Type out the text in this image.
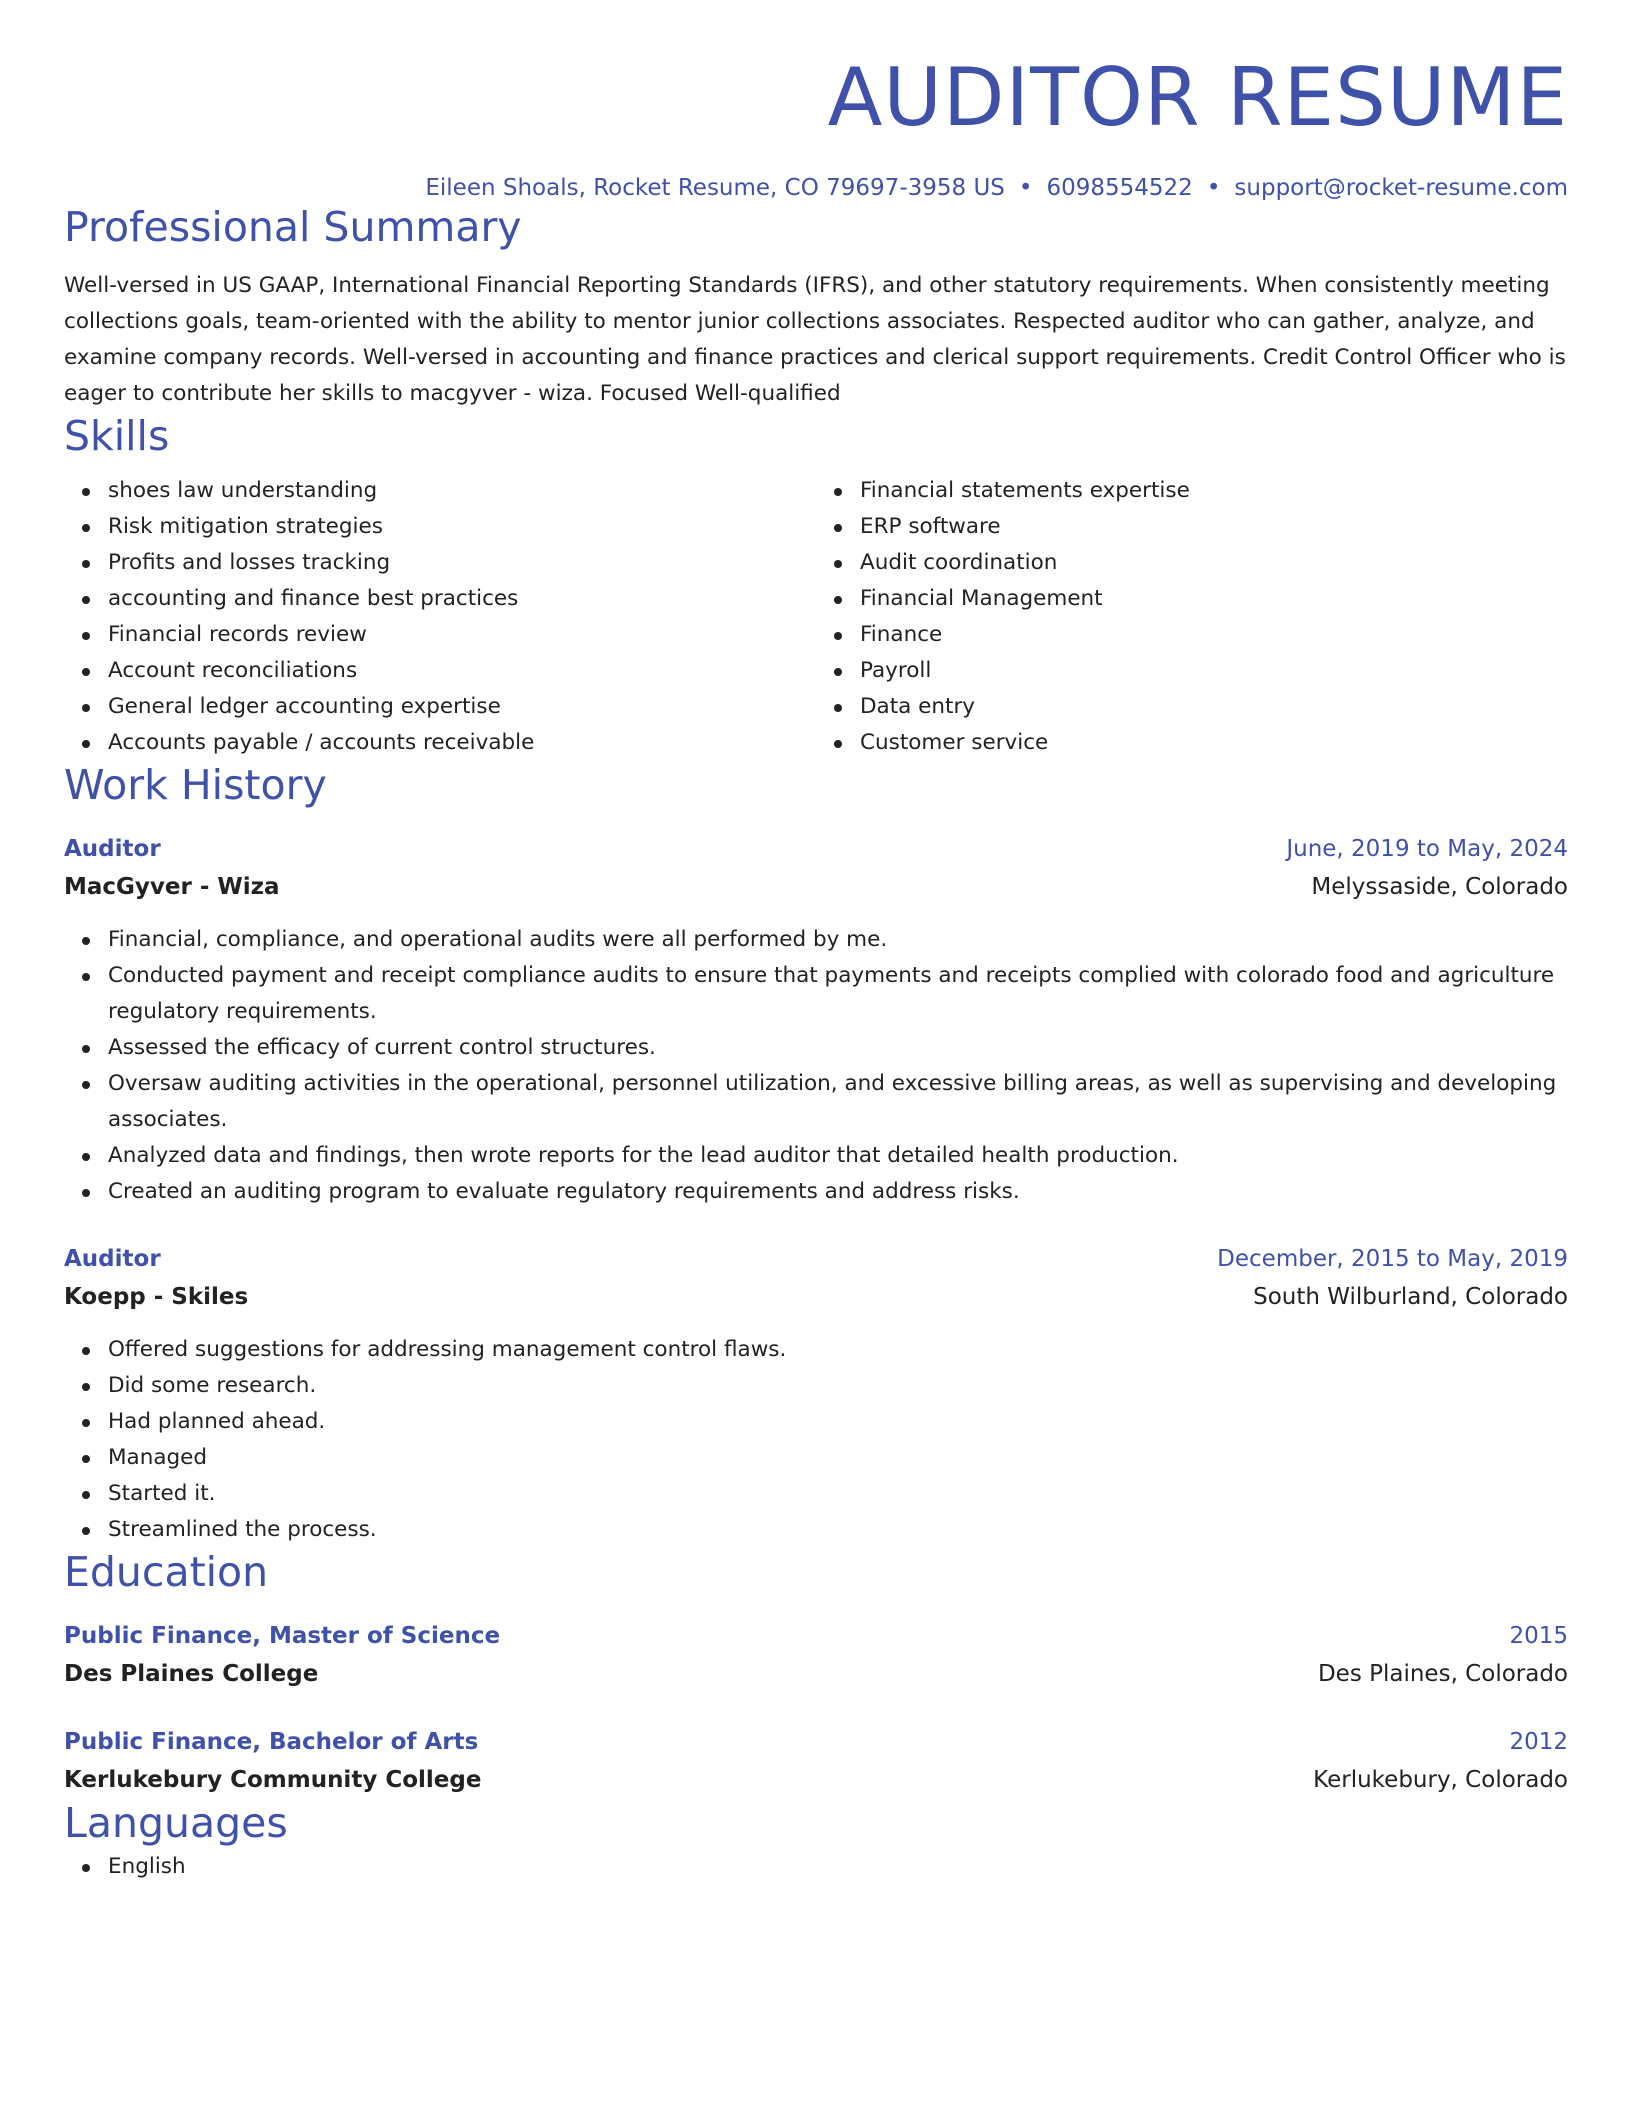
AUDITOR RESUME
Eileen Shoals, Rocket Resume, CO 79697-3958 US • 6098554522 • support@rocket-resume.com
Professional Summary

Well-versed in US GAAP, International Financial Reporting Standards (IFRS), and other statutory requirements. When consistently meeting collections goals, team-oriented with the ability to mentor junior collections associates. Respected auditor who can gather, analyze, and examine company records. Well-versed in accounting and finance practices and clerical support requirements. Credit Control Officer who is eager to contribute her skills to macgyver - wiza. Focused Well-qualified

Skills
shoes law understanding
Risk mitigation strategies
Profits and losses tracking
accounting and finance best practices
Financial records review
Account reconciliations
General ledger accounting expertise
Accounts payable / accounts receivable
Financial statements expertise
ERP software
Audit coordination
Financial Management
Finance
Payroll
Data entry
Customer service
Work History
Auditor	June, 2019 to May, 2024
MacGyver - Wiza	Melyssaside, Colorado
Financial, compliance, and operational audits were all performed by me.
Conducted payment and receipt compliance audits to ensure that payments and receipts complied with colorado food and agriculture regulatory requirements.
Assessed the efficacy of current control structures.
Oversaw auditing activities in the operational, personnel utilization, and excessive billing areas, as well as supervising and developing associates.
Analyzed data and findings, then wrote reports for the lead auditor that detailed health production.
Created an auditing program to evaluate regulatory requirements and address risks.
Auditor	December, 2015 to May, 2019
Koepp - Skiles	South Wilburland, Colorado
Offered suggestions for addressing management control flaws.
Did some research.
Had planned ahead.
Managed
Started it.
Streamlined the process.
Education
Public Finance, Master of Science	2015
Des Plaines College	Des Plaines, Colorado
Public Finance, Bachelor of Arts	2012
Kerlukebury Community College	Kerlukebury, Colorado
Languages
English
